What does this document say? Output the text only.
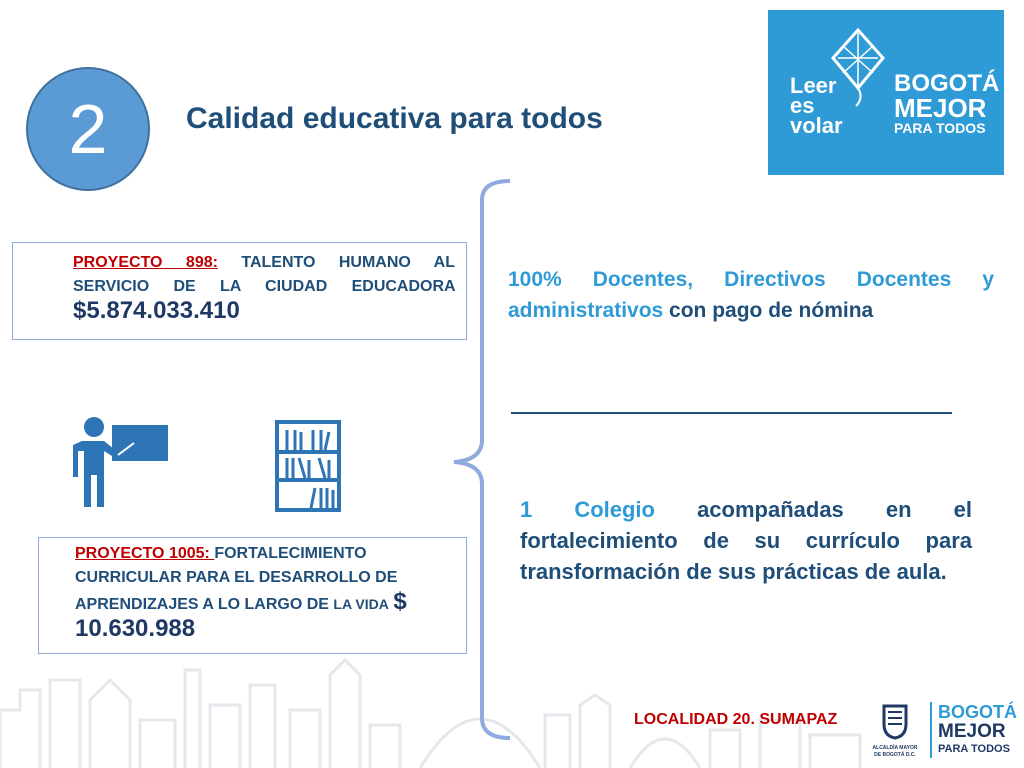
2	Calidad educativa para todos
Leer
es
volar
BOGOTÁ
MEJOR
PARA TODOS
PROYECTO 898: TALENTO HUMANO AL SERVICIO DE LA CIUDAD EDUCADORA $5.874.033.410
PROYECTO 1005: FORTALECIMIENTO CURRICULAR PARA EL DESARROLLO DE APRENDIZAJES A LO LARGO DE LA VIDA $ 10.630.988
100% Docentes, Directivos Docentes y administrativos con pago de nómina
1 Colegio acompañadas en el fortalecimiento de su currículo para transformación de sus prácticas de aula.
LOCALIDAD 20. SUMAPAZ
ALCALDÍA MAYOR
DE BOGOTÁ D.C.
BOGOTÁ
MEJOR
PARA TODOS
